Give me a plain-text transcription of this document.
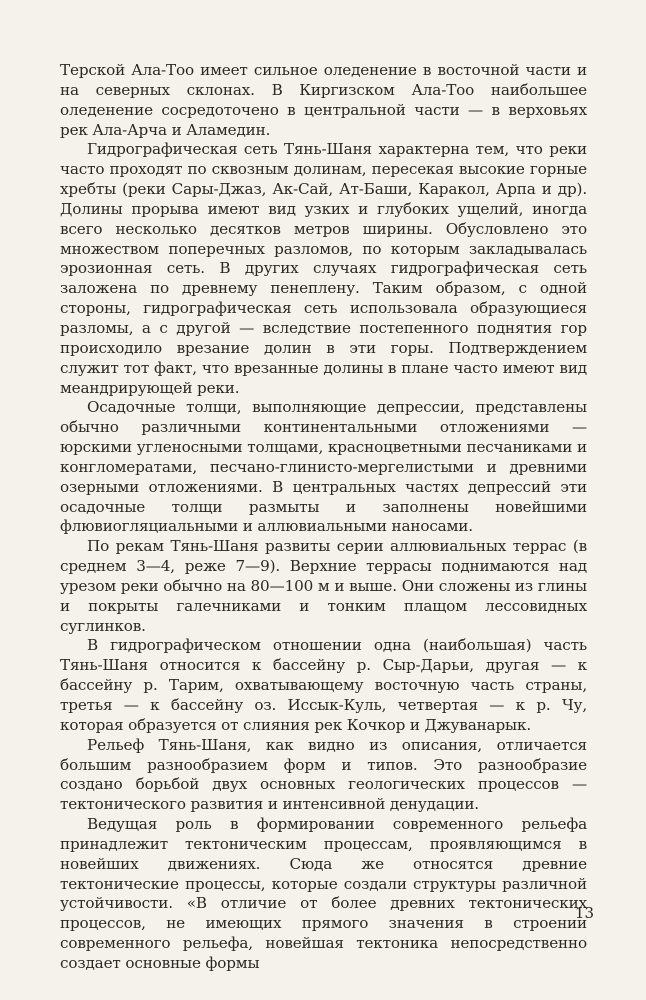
Терской Ала-Тоо имеет сильное оледенение в восточной части и на северных склонах. В Киргизском Ала-Тоо наибольшее оледенение сосредоточено в центральной части — в верховьях рек Ала-Арча и Аламедин.

Гидрографическая сеть Тянь-Шаня характерна тем, что реки часто проходят по сквозным долинам, пересекая высокие горные хребты (реки Сары-Джаз, Ак-Сай, Ат-Баши, Каракол, Арпа и др). Долины прорыва имеют вид узких и глубоких ущелий, иногда всего несколько десятков метров ширины. Обусловлено это множеством поперечных разломов, по которым закладывалась эрозионная сеть. В других случаях гидрографическая сеть заложена по древнему пенеплену. Таким образом, с одной стороны, гидрографическая сеть использовала образующиеся разломы, а с другой — вследствие постепенного поднятия гор происходило врезание долин в эти горы. Подтверждением служит тот факт, что врезанные долины в плане часто имеют вид меандрирующей реки.

Осадочные толщи, выполняющие депрессии, представлены обычно различными континентальными отложениями — юрскими угленосными толщами, красноцветными песчаниками и конгломератами, песчано-глинисто-мергелистыми и древними озерными отложениями. В центральных частях депрессий эти осадочные толщи размыты и заполнены новейшими флювиогляциальными и аллювиальными наносами.

По рекам Тянь-Шаня развиты серии аллювиальных террас (в среднем 3—4, реже 7—9). Верхние террасы поднимаются над урезом реки обычно на 80—100 м и выше. Они сложены из глины и покрыты галечниками и тонким плащом лессовидных суглинков.

В гидрографическом отношении одна (наибольшая) часть Тянь-Шаня относится к бассейну р. Сыр-Дарьи, другая — к бассейну р. Тарим, охватывающему восточную часть страны, третья — к бассейну оз. Иссык-Куль, четвертая — к р. Чу, которая образуется от слияния рек Кочкор и Джуванарык.

Рельеф Тянь-Шаня, как видно из описания, отличается большим разнообразием форм и типов. Это разнообразие создано борьбой двух основных геологических процессов — тектонического развития и интенсивной денудации.

Ведущая роль в формировании современного рельефа принадлежит тектоническим процессам, проявляющимся в новейших движениях. Сюда же относятся древние тектонические процессы, которые создали структуры различной устойчивости. «В отличие от более древних тектонических процессов, не имеющих прямого значения в строении современного рельефа, новейшая тектоника непосредственно создает основные формы

13
